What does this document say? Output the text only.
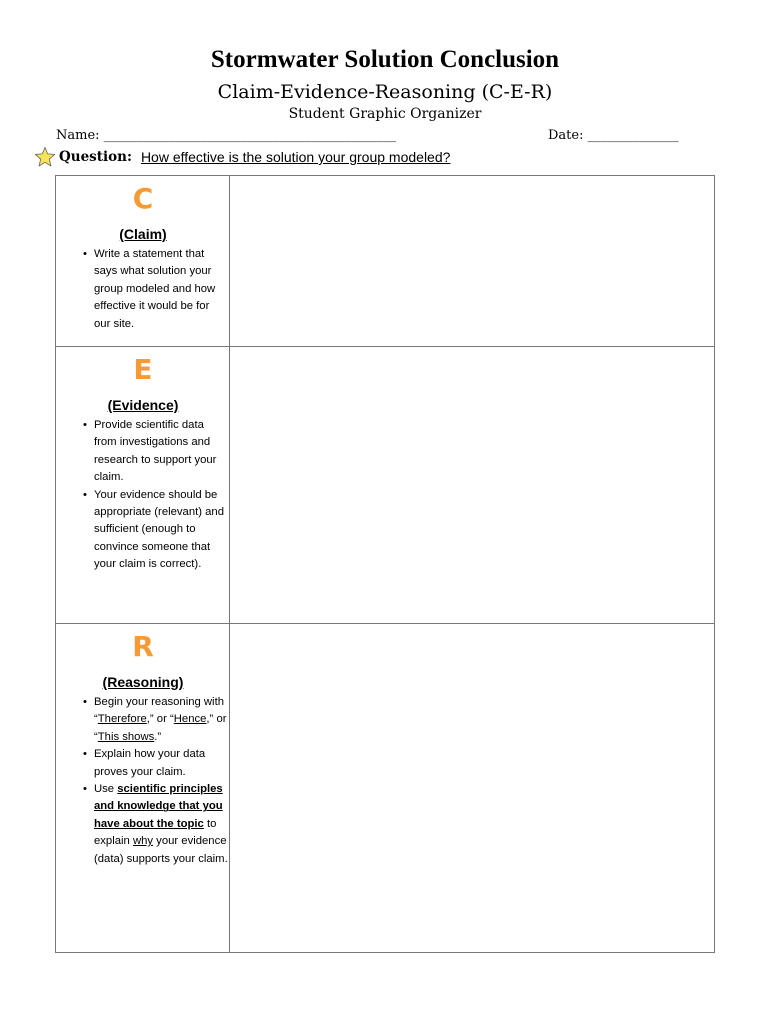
Stormwater Solution Conclusion
Claim-Evidence-Reasoning (C-E-R)
Student Graphic Organizer
Name: _____________________________________________	Date: ______________
Question: How effective is the solution your group modeled?
C
(Claim)
• Write a statement that says what solution your group modeled and how effective it would be for our site.
E
(Evidence)
• Provide scientific data from investigations and research to support your claim.
• Your evidence should be appropriate (relevant) and sufficient (enough to convince someone that your claim is correct).
R
(Reasoning)
• Begin your reasoning with “Therefore,” or “Hence,” or “This shows.”
• Explain how your data proves your claim.
• Use scientific principles and knowledge that you have about the topic to explain why your evidence (data) supports your claim.
